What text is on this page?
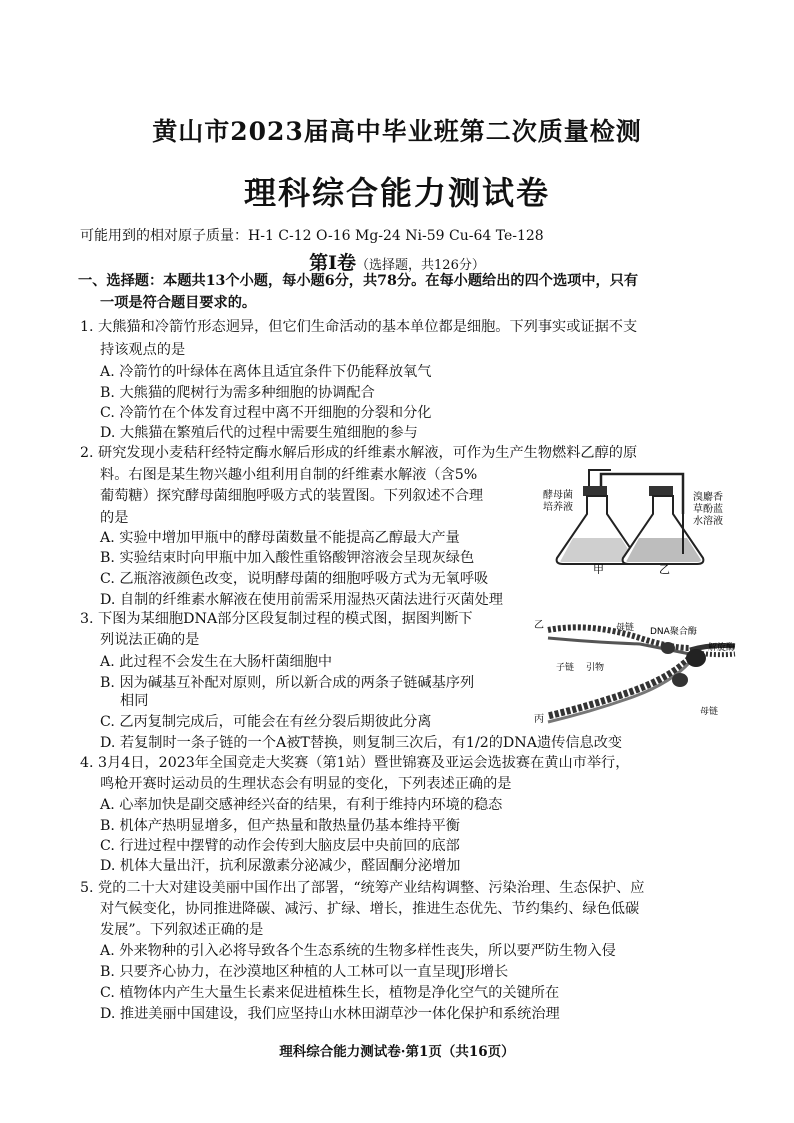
黄山市2023届高中毕业班第二次质量检测
理科综合能力测试卷
可能用到的相对原子质量：H-1 C-12 O-16 Mg-24 Ni-59 Cu-64 Te-128
第Ⅰ卷（选择题，共126分）
一、选择题：本题共13个小题，每小题6分，共78分。在每小题给出的四个选项中，只有
一项是符合题目要求的。
1. 大熊猫和冷箭竹形态迥异，但它们生命活动的基本单位都是细胞。下列事实或证据不支
持该观点的是
A. 冷箭竹的叶绿体在离体且适宜条件下仍能释放氧气
B. 大熊猫的爬树行为需多种细胞的协调配合
C. 冷箭竹在个体发育过程中离不开细胞的分裂和分化
D. 大熊猫在繁殖后代的过程中需要生殖细胞的参与
2. 研究发现小麦秸秆经特定酶水解后形成的纤维素水解液，可作为生产生物燃料乙醇的原
料。右图是某生物兴趣小组利用自制的纤维素水解液（含5%
葡萄糖）探究酵母菌细胞呼吸方式的装置图。下列叙述不合理
的是
A. 实验中增加甲瓶中的酵母菌数量不能提高乙醇最大产量
B. 实验结束时向甲瓶中加入酸性重铬酸钾溶液会呈现灰绿色
C. 乙瓶溶液颜色改变，说明酵母菌的细胞呼吸方式为无氧呼吸
D. 自制的纤维素水解液在使用前需采用湿热灭菌法进行灭菌处理
酵母菌
培养液
溴麝香
草酚蓝
水溶液
甲	乙
3. 下图为某细胞DNA部分区段复制过程的模式图，据图判断下
列说法正确的是
A. 此过程不会发生在大肠杆菌细胞中
B. 因为碱基互补配对原则，所以新合成的两条子链碱基序列
相同
C. 乙丙复制完成后，可能会在有丝分裂后期彼此分离
D. 若复制时一条子链的一个A被T替换，则复制三次后，有1/2的DNA遗传信息改变
乙
丙
母链 DNA聚合酶
解旋酶
子链 引物
母链
4. 3月4日，2023年全国竞走大奖赛（第1站）暨世锦赛及亚运会选拔赛在黄山市举行，
鸣枪开赛时运动员的生理状态会有明显的变化，下列表述正确的是
A. 心率加快是副交感神经兴奋的结果，有利于维持内环境的稳态
B. 机体产热明显增多，但产热量和散热量仍基本维持平衡
C. 行进过程中摆臂的动作会传到大脑皮层中央前回的底部
D. 机体大量出汗，抗利尿激素分泌减少，醛固酮分泌增加
5. 党的二十大对建设美丽中国作出了部署，“统筹产业结构调整、污染治理、生态保护、应
对气候变化，协同推进降碳、减污、扩绿、增长，推进生态优先、节约集约、绿色低碳
发展”。下列叙述正确的是
A. 外来物种的引入必将导致各个生态系统的生物多样性丧失，所以要严防生物入侵
B. 只要齐心协力，在沙漠地区种植的人工林可以一直呈现J形增长
C. 植物体内产生大量生长素来促进植株生长，植物是净化空气的关键所在
D. 推进美丽中国建设，我们应坚持山水林田湖草沙一体化保护和系统治理
理科综合能力测试卷·第1页（共16页）
